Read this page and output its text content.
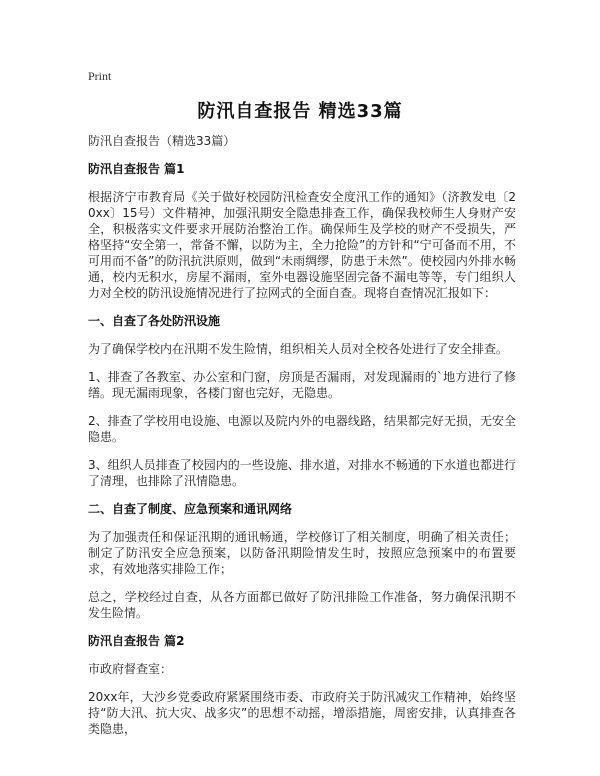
Print
防汛自查报告 精选33篇

防汛自查报告（精选33篇）

防汛自查报告 篇1

根据济宁市教育局《关于做好校园防汛检查安全度汛工作的通知》（济教发电〔20xx〕15号）文件精神，加强汛期安全隐患排查工作，确保我校师生人身财产安全，积极落实文件要求开展防治整治工作。确保师生及学校的财产不受损失，严格坚持“安全第一，常备不懈，以防为主，全力抢险”的方针和“宁可备而不用，不可用而不备”的防汛抗洪原则，做到“未雨绸缪，防患于未然”。使校园内外排水畅通，校内无积水，房屋不漏雨，室外电器设施坚固完备不漏电等等，专门组织人力对全校的防汛设施情况进行了拉网式的全面自查。现将自查情况汇报如下：

一、自查了各处防汛设施

为了确保学校内在汛期不发生险情，组织相关人员对全校各处进行了安全排查。

1、排查了各教室、办公室和门窗，房顶是否漏雨，对发现漏雨的`地方进行了修缮。现无漏雨现象，各楼门窗也完好，无隐患。

2、排查了学校用电设施、电源以及院内外的电器线路，结果都完好无损，无安全隐患。

3、组织人员排查了校园内的一些设施、排水道，对排水不畅通的下水道也都进行了清理，也排除了汛情隐患。

二、自查了制度、应急预案和通讯网络

为了加强责任和保证汛期的通讯畅通，学校修订了相关制度，明确了相关责任；制定了防汛安全应急预案，以防备汛期险情发生时，按照应急预案中的布置要求，有效地落实排险工作；

总之，学校经过自查，从各方面都已做好了防汛排险工作准备，努力确保汛期不发生险情。

防汛自查报告 篇2

市政府督查室：

20xx年，大沙乡党委政府紧紧围绕市委、市政府关于防汛减灾工作精神，始终坚持“防大汛、抗大灾、战多灾”的思想不动摇，增添措施，周密安排，认真排查各类隐患，
